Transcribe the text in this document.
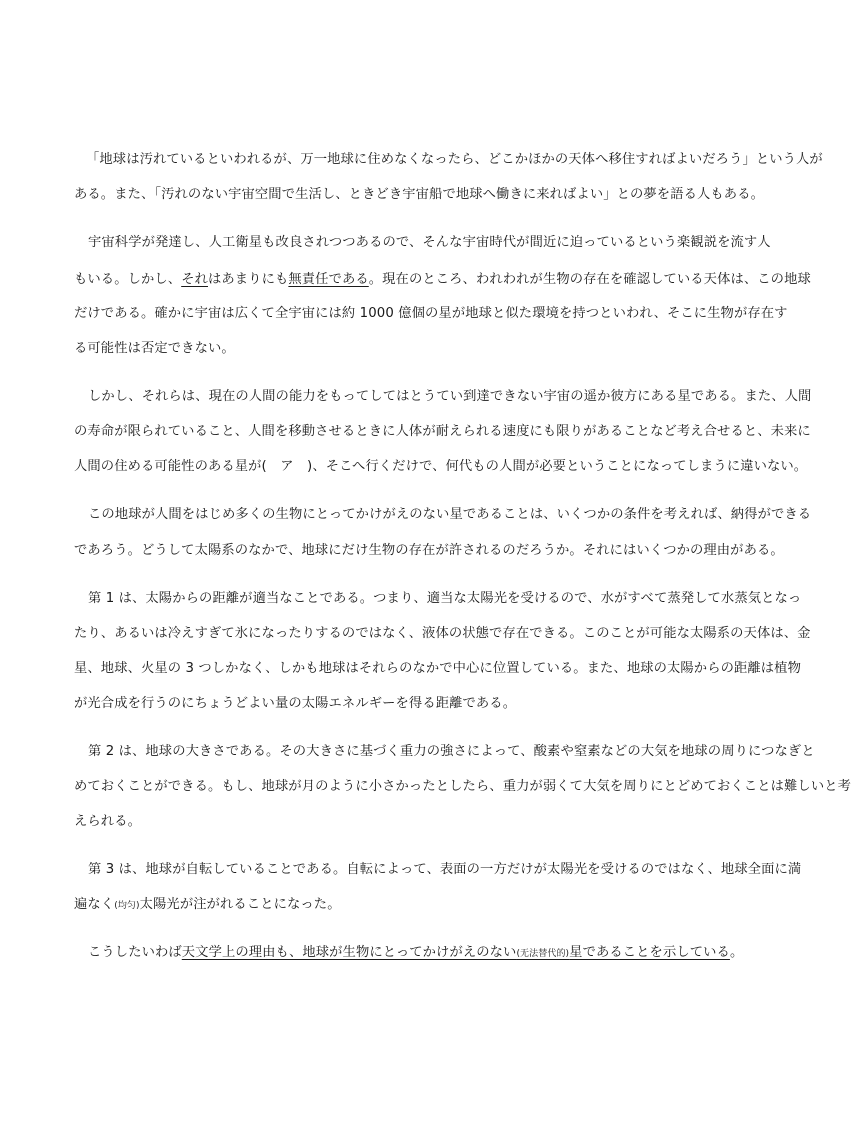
「地球は汚れているといわれるが、万一地球に住めなくなったら、どこかほかの天体へ移住すればよいだろう」という人が
ある。また、「汚れのない宇宙空間で生活し、ときどき宇宙船で地球へ働きに来ればよい」との夢を語る人もある。
宇宙科学が発達し、人工衛星も改良されつつあるので、そんな宇宙時代が間近に迫っているという楽観説を流す人
もいる。しかし、それはあまりにも無責任である。現在のところ、われわれが生物の存在を確認している天体は、この地球
だけである。確かに宇宙は広くて全宇宙には約 1000 億個の星が地球と似た環境を持つといわれ、そこに生物が存在す
る可能性は否定できない。
しかし、それらは、現在の人間の能力をもってしてはとうてい到達できない宇宙の遥か彼方にある星である。また、人間
の寿命が限られていること、人間を移動させるときに人体が耐えられる速度にも限りがあることなど考え合せると、未来に
人間の住める可能性のある星が(　ア　)、そこへ行くだけで、何代もの人間が必要ということになってしまうに違いない。
この地球が人間をはじめ多くの生物にとってかけがえのない星であることは、いくつかの条件を考えれば、納得ができる
であろう。どうして太陽系のなかで、地球にだけ生物の存在が許されるのだろうか。それにはいくつかの理由がある。
第 1 は、太陽からの距離が適当なことである。つまり、適当な太陽光を受けるので、水がすべて蒸発して水蒸気となっ
たり、あるいは冷えすぎて氷になったりするのではなく、液体の状態で存在できる。このことが可能な太陽系の天体は、金
星、地球、火星の 3 つしかなく、しかも地球はそれらのなかで中心に位置している。また、地球の太陽からの距離は植物
が光合成を行うのにちょうどよい量の太陽エネルギーを得る距離である。
第 2 は、地球の大きさである。その大きさに基づく重力の強さによって、酸素や窒素などの大気を地球の周りにつなぎと
めておくことができる。もし、地球が月のように小さかったとしたら、重力が弱くて大気を周りにとどめておくことは難しいと考
えられる。
第 3 は、地球が自転していることである。自転によって、表面の一方だけが太陽光を受けるのではなく、地球全面に満
遍なく(均匀)太陽光が注がれることになった。
こうしたいわば天文学上の理由も、地球が生物にとってかけがえのない(无法替代的)星であることを示している。
